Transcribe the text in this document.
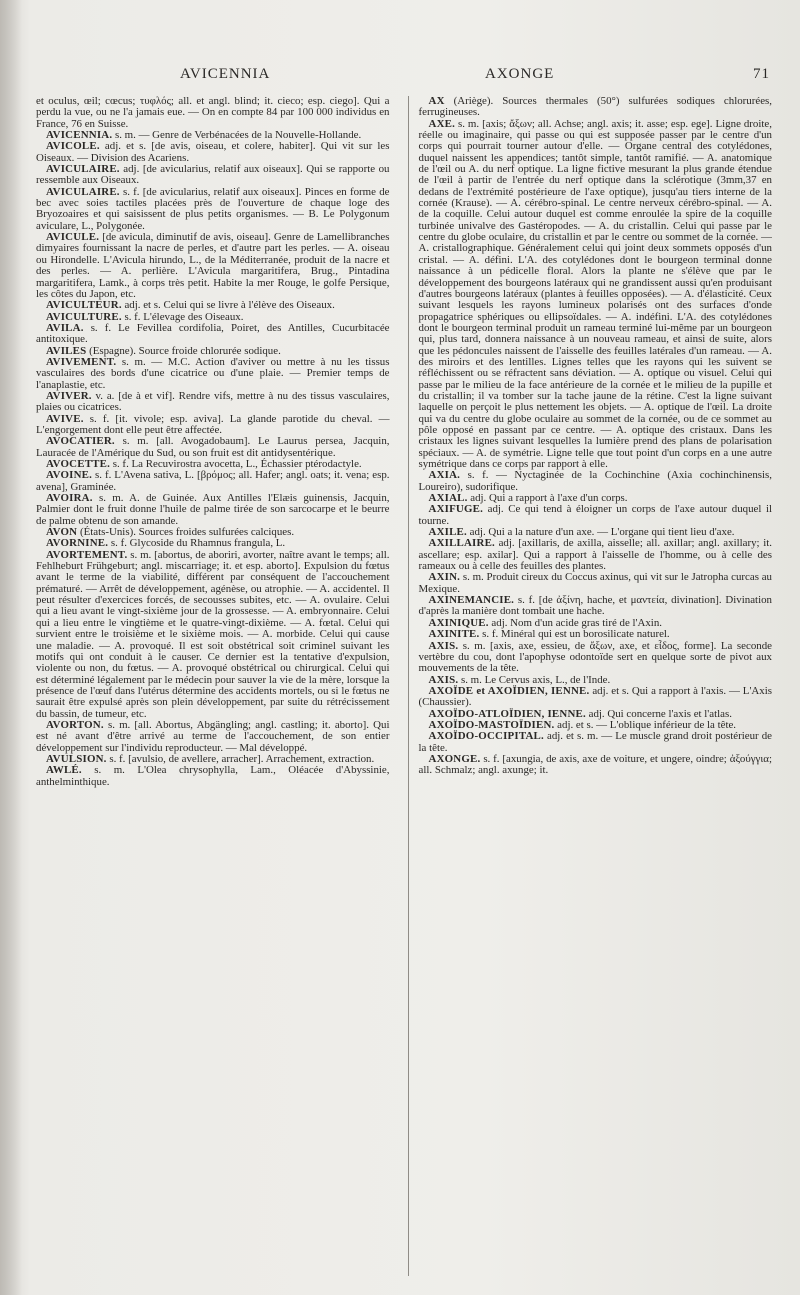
AVICENNIA	AXONGE	71

et oculus, œil; cœcus; τυφλός; all. et angl. blind; it. cieco; esp. ciego]. Qui a perdu la vue, ou ne l'a jamais eue. — On en compte 84 par 100 000 individus en France, 76 en Suisse.

AVICENNIA. s. m. — Genre de Verbénacées de la Nouvelle-Hollande.

AVICOLE. adj. et s. [de avis, oiseau, et colere, habiter]. Qui vit sur les Oiseaux. — Division des Acariens.

AVICULAIRE. adj. [de avicularius, relatif aux oiseaux]. Qui se rapporte ou ressemble aux Oiseaux.

AVICULAIRE. s. f. [de avicularius, relatif aux oiseaux]. Pinces en forme de bec avec soies tactiles placées près de l'ouverture de chaque loge des Bryozoaires et qui saisissent de plus petits organismes. — B. Le Polygonum aviculare, L., Polygonée.

AVICULE. [de avicula, diminutif de avis, oiseau]. Genre de Lamellibranches dimyaires fournissant la nacre de perles, et d'autre part les perles. — A. oiseau ou Hirondelle. L'Avicula hirundo, L., de la Méditerranée, produit de la nacre et des perles. — A. perlière. L'Avicula margaritifera, Brug., Pintadina margaritifera, Lamk., à corps très petit. Habite la mer Rouge, le golfe Persique, les côtes du Japon, etc.

AVICULTEUR. adj. et s. Celui qui se livre à l'élève des Oiseaux.

AVICULTURE. s. f. L'élevage des Oiseaux.

AVILA. s. f. Le Fevillea cordifolia, Poiret, des Antilles, Cucurbitacée antitoxique.

AVILES (Espagne). Source froide chlorurée sodique.

AVIVEMENT. s. m. — M.C. Action d'aviver ou mettre à nu les tissus vasculaires des bords d'une cicatrice ou d'une plaie. — Premier temps de l'anaplastie, etc.

AVIVER. v. a. [de à et vif]. Rendre vifs, mettre à nu des tissus vasculaires, plaies ou cicatrices.

AVIVE. s. f. [it. vivole; esp. aviva]. La glande parotide du cheval. — L'engorgement dont elle peut être affectée.

AVOCATIER. s. m. [all. Avogadobaum]. Le Laurus persea, Jacquin, Lauracée de l'Amérique du Sud, ou son fruit est dit antidysentérique.

AVOCETTE. s. f. La Recuvirostra avocetta, L., Échassier ptérodactyle.

AVOINE. s. f. L'Avena sativa, L. [βρόμος; all. Hafer; angl. oats; it. vena; esp. avena], Graminée.

AVOIRA. s. m. A. de Guinée. Aux Antilles l'Elæis guinensis, Jacquin, Palmier dont le fruit donne l'huile de palme tirée de son sarcocarpe et le beurre de palme obtenu de son amande.

AVON (États-Unis). Sources froides sulfurées calciques.

AVORNINE. s. f. Glycoside du Rhamnus frangula, L.

AVORTEMENT. s. m. [abortus, de aboriri, avorter, naître avant le temps; all. Fehlheburt Frühgeburt; angl. miscarriage; it. et esp. aborto]. Expulsion du fœtus avant le terme de la viabilité, différent par conséquent de l'accouchement prématuré. — Arrêt de développement, agénèse, ou atrophie. — A. accidentel. Il peut résulter d'exercices forcés, de secousses subites, etc. — A. ovulaire. Celui qui a lieu avant le vingt-sixième jour de la grossesse. — A. embryonnaire. Celui qui a lieu entre le vingtième et le quatre-vingt-dixième. — A. fœtal. Celui qui survient entre le troisième et le sixième mois. — A. morbide. Celui qui cause une maladie. — A. provoqué. Il est soit obstétrical soit criminel suivant les motifs qui ont conduit à le causer. Ce dernier est la tentative d'expulsion, violente ou non, du fœtus. — A. provoqué obstétrical ou chirurgical. Celui qui est déterminé légalement par le médecin pour sauver la vie de la mère, lorsque la présence de l'œuf dans l'utérus détermine des accidents mortels, ou si le fœtus ne saurait être expulsé après son plein développement, par suite du rétrécissement du bassin, de tumeur, etc.

AVORTON. s. m. [all. Abortus, Abgängling; angl. castling; it. aborto]. Qui est né avant d'être arrivé au terme de l'accouchement, de son entier développement sur l'individu reproducteur. — Mal développé.

AVULSION. s. f. [avulsio, de avellere, arracher]. Arrachement, extraction.

AWLÉ. s. m. L'Olea chrysophylla, Lam., Oléacée d'Abyssinie, anthelminthique.

AX (Ariège). Sources thermales (50°) sulfurées sodiques chlorurées, ferrugineuses.

AXE. s. m. [axis; ἄξων; all. Achse; angl. axis; it. asse; esp. ege]. Ligne droite, réelle ou imaginaire, qui passe ou qui est supposée passer par le centre d'un corps qui pourrait tourner autour d'elle. — Organe central des cotylédones, duquel naissent les appendices; tantôt simple, tantôt ramifié. — A. anatomique de l'œil ou A. du nerf optique. La ligne fictive mesurant la plus grande étendue de l'œil à partir de l'entrée du nerf optique dans la sclérotique (3mm,37 en dedans de l'extrémité postérieure de l'axe optique), jusqu'au tiers interne de la cornée (Krause). — A. cérébro-spinal. Le centre nerveux cérébro-spinal. — A. de la coquille. Celui autour duquel est comme enroulée la spire de la coquille turbinée univalve des Gastéropodes. — A. du cristallin. Celui qui passe par le centre du globe oculaire, du cristallin et par le centre ou sommet de la cornée. — A. cristallographique. Généralement celui qui joint deux sommets opposés d'un cristal. — A. défini. L'A. des cotylédones dont le bourgeon terminal donne naissance à un pédicelle floral. Alors la plante ne s'élève que par le développement des bourgeons latéraux qui ne grandissent aussi qu'en produisant d'autres bourgeons latéraux (plantes à feuilles opposées). — A. d'élasticité. Ceux suivant lesquels les rayons lumineux polarisés ont des surfaces d'onde propagatrice sphériques ou ellipsoïdales. — A. indéfini. L'A. des cotylédones dont le bourgeon terminal produit un rameau terminé lui-même par un bourgeon qui, plus tard, donnera naissance à un nouveau rameau, et ainsi de suite, alors que les pédoncules naissent de l'aisselle des feuilles latérales d'un rameau. — A. des miroirs et des lentilles. Lignes telles que les rayons qui les suivent se réfléchissent ou se réfractent sans déviation. — A. optique ou visuel. Celui qui passe par le milieu de la face antérieure de la cornée et le milieu de la pupille et du cristallin; il va tomber sur la tache jaune de la rétine. C'est la ligne suivant laquelle on perçoit le plus nettement les objets. — A. optique de l'œil. La droite qui va du centre du globe oculaire au sommet de la cornée, ou de ce sommet au pôle opposé en passant par ce centre. — A. optique des cristaux. Dans les cristaux les lignes suivant lesquelles la lumière prend des plans de polarisation spéciaux. — A. de symétrie. Ligne telle que tout point d'un corps en a une autre symétrique dans ce corps par rapport à elle.

AXIA. s. f. — Nyctaginée de la Cochinchine (Axia cochinchinensis, Loureiro), sudorifique.

AXIAL. adj. Qui a rapport à l'axe d'un corps.

AXIFUGE. adj. Ce qui tend à éloigner un corps de l'axe autour duquel il tourne.

AXILE. adj. Qui a la nature d'un axe. — L'organe qui tient lieu d'axe.

AXILLAIRE. adj. [axillaris, de axilla, aisselle; all. axillar; angl. axillary; it. ascellare; esp. axilar]. Qui a rapport à l'aisselle de l'homme, ou à celle des rameaux ou à celle des feuilles des plantes.

AXIN. s. m. Produit cireux du Coccus axinus, qui vit sur le Jatropha curcas au Mexique.

AXINEMANCIE. s. f. [de ἀξίνη, hache, et μαντεία, divination]. Divination d'après la manière dont tombait une hache.

AXINIQUE. adj. Nom d'un acide gras tiré de l'Axin.

AXINITE. s. f. Minéral qui est un borosilicate naturel.

AXIS. s. m. [axis, axe, essieu, de ἄξων, axe, et εἶδος, forme]. La seconde vertèbre du cou, dont l'apophyse odontoïde sert en quelque sorte de pivot aux mouvements de la tête.

AXIS. s. m. Le Cervus axis, L., de l'Inde.

AXOÏDE et AXOÏDIEN, IENNE. adj. et s. Qui a rapport à l'axis. — L'Axis (Chaussier).

AXOÏDO-ATLOÏDIEN, IENNE. adj. Qui concerne l'axis et l'atlas.

AXOÏDO-MASTOÏDIEN. adj. et s. — L'oblique inférieur de la tête.

AXOÏDO-OCCIPITAL. adj. et s. m. — Le muscle grand droit postérieur de la tête.

AXONGE. s. f. [axungia, de axis, axe de voiture, et ungere, oindre; ἀξούγγια; all. Schmalz; angl. axunge; it.
